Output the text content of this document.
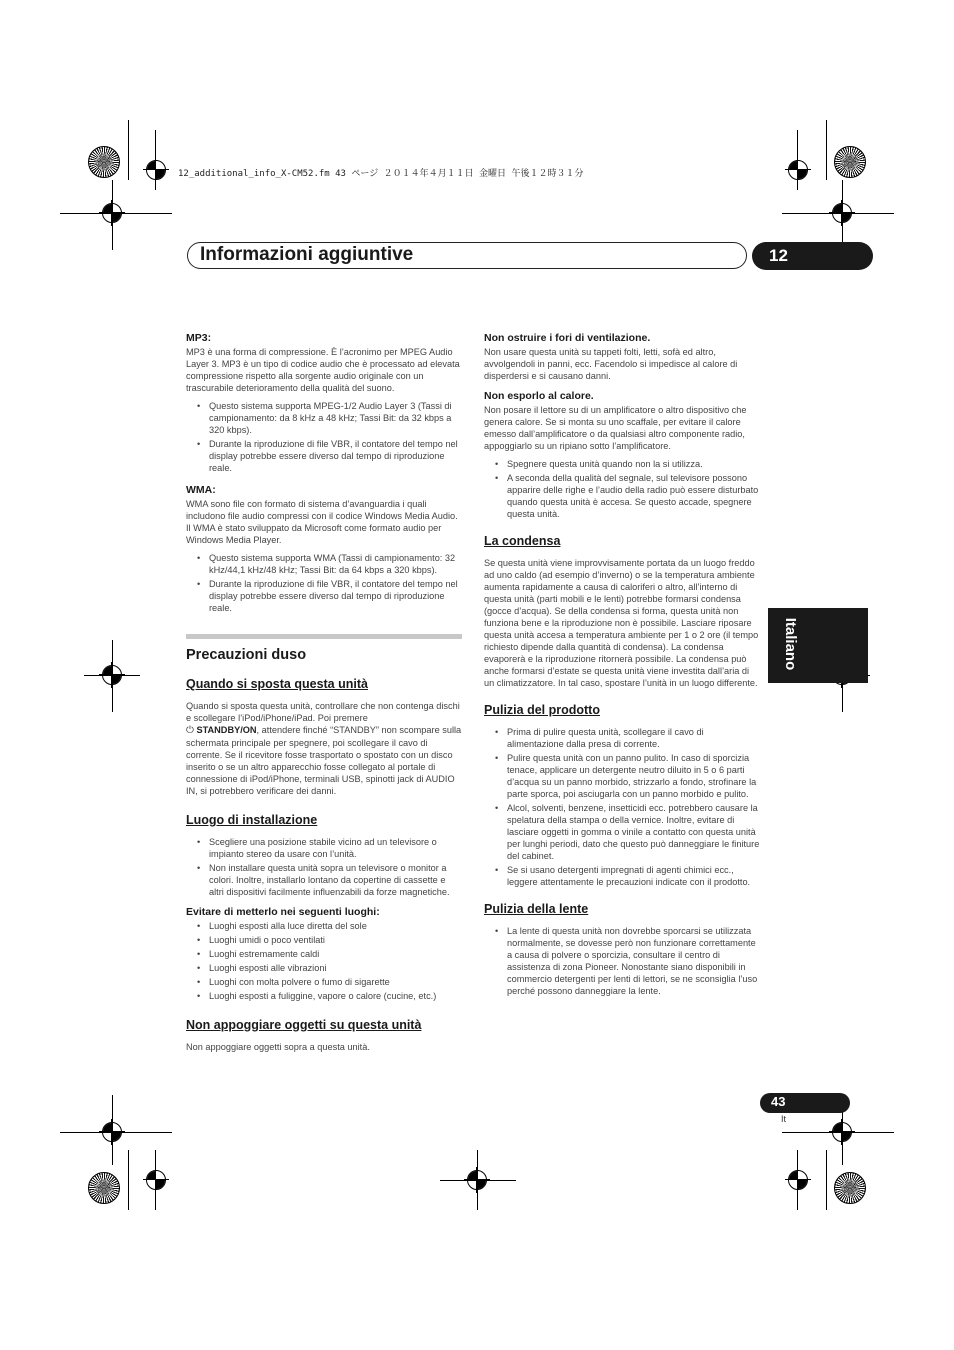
12_additional_info_X-CM52.fm 43 ページ ２０１４年４月１１日 金曜日 午後１２時３１分
Informazioni aggiuntive	12
Italiano
MP3:

MP3 è una forma di compressione. È l’acronimo per MPEG Audio Layer 3. MP3 è un tipo di codice audio che è processato ad elevata compressione rispetto alla sorgente audio originale con un trascurabile deterioramento della qualità del suono.

• Questo sistema supporta MPEG-1/2 Audio Layer 3 (Tassi di campionamento: da 8 kHz a 48 kHz; Tassi Bit: da 32 kbps a 320 kbps).
• Durante la riproduzione di file VBR, il contatore del tempo nel display potrebbe essere diverso dal tempo di riproduzione reale.
WMA:

WMA sono file con formato di sistema d’avanguardia i quali includono file audio compressi con il codice Windows Media Audio. Il WMA è stato sviluppato da Microsoft come formato audio per Windows Media Player.

• Questo sistema supporta WMA (Tassi di campionamento: 32 kHz/44,1 kHz/48 kHz; Tassi Bit: da 64 kbps a 320 kbps).
• Durante la riproduzione di file VBR, il contatore del tempo nel display potrebbe essere diverso dal tempo di riproduzione reale.
Precauzioni duso
Quando si sposta questa unità

Quando si sposta questa unità, controllare che non contenga dischi e scollegare l’iPod/iPhone/iPad. Poi premere
⏻ STANDBY/ON, attendere finché “STANDBY” non scompare sulla schermata principale per spegnere, poi scollegare il cavo di corrente. Se il ricevitore fosse trasportato o spostato con un disco inserito o se un altro apparecchio fosse collegato al portale di connessione di iPod/iPhone, terminali USB, spinotti jack di AUDIO IN, si potrebbero verificare dei danni.

Luogo di installazione
• Scegliere una posizione stabile vicino ad un televisore o impianto stereo da usare con l’unità.
• Non installare questa unità sopra un televisore o monitor a colori. Inoltre, installarlo lontano da copertine di cassette e altri dispositivi facilmente influenzabili da forze magnetiche.
Evitare di metterlo nei seguenti luoghi:
• Luoghi esposti alla luce diretta del sole
• Luoghi umidi o poco ventilati
• Luoghi estremamente caldi
• Luoghi esposti alle vibrazioni
• Luoghi con molta polvere o fumo di sigarette
• Luoghi esposti a fuliggine, vapore o calore (cucine, etc.)
Non appoggiare oggetti su questa unità

Non appoggiare oggetti sopra a questa unità.

Non ostruire i fori di ventilazione.

Non usare questa unità su tappeti folti, letti, sofà ed altro, avvolgendoli in panni, ecc. Facendolo si impedisce al calore di disperdersi e si causano danni.

Non esporlo al calore.

Non posare il lettore su di un amplificatore o altro dispositivo che genera calore. Se si monta su uno scaffale, per evitare il calore emesso dall’amplificatore o da qualsiasi altro componente radio, appoggiarlo su un ripiano sotto l’amplificatore.

• Spegnere questa unità quando non la si utilizza.
• A seconda della qualità del segnale, sul televisore possono apparire delle righe e l’audio della radio può essere disturbato quando questa unità è accesa. Se questo accade, spegnere questa unità.
La condensa

Se questa unità viene improvvisamente portata da un luogo freddo ad uno caldo (ad esempio d’inverno) o se la temperatura ambiente aumenta rapidamente a causa di caloriferi o altro, all’interno di questa unità (parti mobili e le lenti) potrebbe formarsi condensa (gocce d’acqua). Se della condensa si forma, questa unità non funziona bene e la riproduzione non è possibile. Lasciare riposare questa unità accesa a temperatura ambiente per 1 o 2 ore (il tempo richiesto dipende dalla quantità di condensa). La condensa evaporerà e la riproduzione ritornerà possibile. La condensa può anche formarsi d’estate se questa unità viene investita dall’aria di un climatizzatore. In tal caso, spostare l’unità in un luogo differente.

Pulizia del prodotto
• Prima di pulire questa unità, scollegare il cavo di alimentazione dalla presa di corrente.
• Pulire questa unità con un panno pulito. In caso di sporcizia tenace, applicare un detergente neutro diluito in 5 o 6 parti d’acqua su un panno morbido, strizzarlo a fondo, strofinare la parte sporca, poi asciugarla con un panno morbido e pulito.
• Alcol, solventi, benzene, insetticidi ecc. potrebbero causare la spelatura della stampa o della vernice. Inoltre, evitare di lasciare oggetti in gomma o vinile a contatto con questa unità per lunghi periodi, dato che questo può danneggiare le finiture del cabinet.
• Se si usano detergenti impregnati di agenti chimici ecc., leggere attentamente le precauzioni indicate con il prodotto.
Pulizia della lente
• La lente di questa unità non dovrebbe sporcarsi se utilizzata normalmente, se dovesse però non funzionare correttamente a causa di polvere o sporcizia, consultare il centro di assistenza di zona Pioneer. Nonostante siano disponibili in commercio detergenti per lenti di lettori, se ne sconsiglia l’uso perché possono danneggiare la lente.
43
It
